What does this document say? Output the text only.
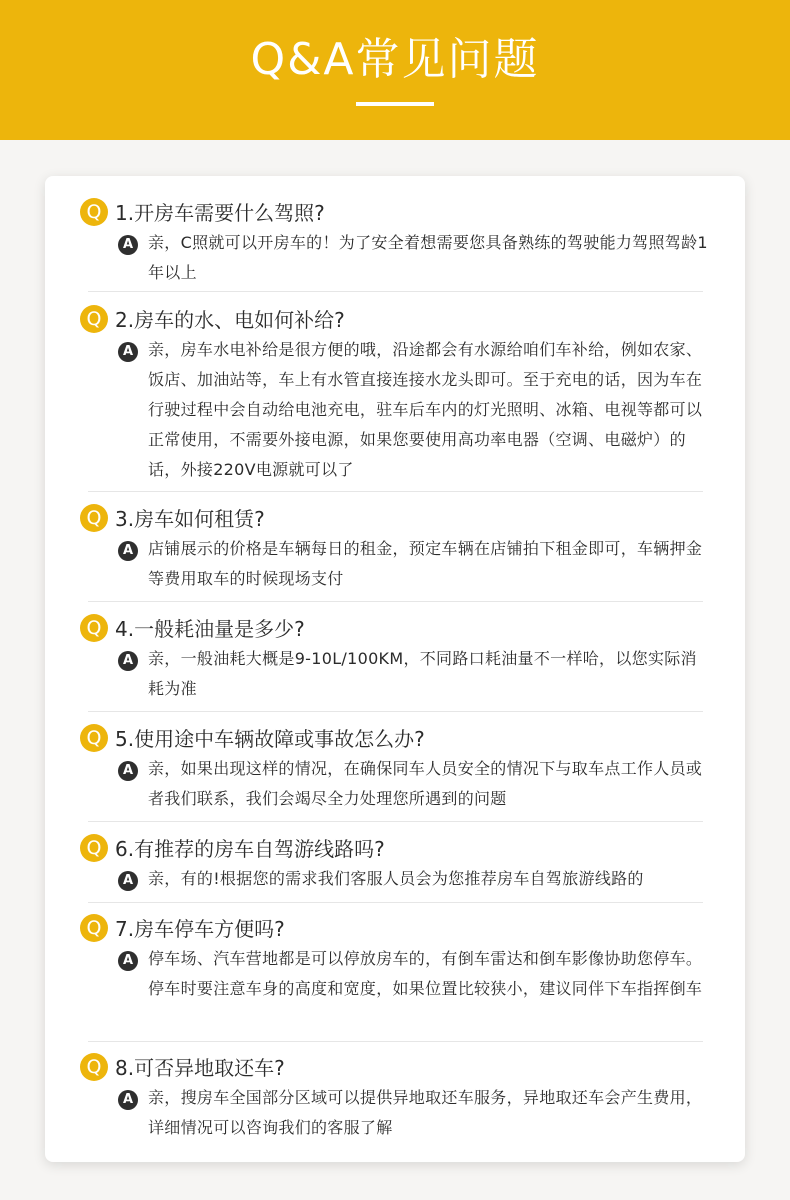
Q&A常见问题
Q 1.开房车需要什么驾照?
A 亲，C照就可以开房车的！为了安全着想需要您具备熟练的驾驶能力驾照驾龄1年以上
Q 2.房车的水、电如何补给?
A 亲，房车水电补给是很方便的哦，沿途都会有水源给咱们车补给，例如农家、饭店、加油站等，车上有水管直接连接水龙头即可。至于充电的话，因为车在行驶过程中会自动给电池充电，驻车后车内的灯光照明、冰箱、电视等都可以正常使用，不需要外接电源，如果您要使用高功率电器（空调、电磁炉）的话，外接220V电源就可以了
Q 3.房车如何租赁?
A 店铺展示的价格是车辆每日的租金，预定车辆在店铺拍下租金即可，车辆押金等费用取车的时候现场支付
Q 4.一般耗油量是多少?
A 亲，一般油耗大概是9-10L/100KM，不同路口耗油量不一样哈，以您实际消耗为准
Q 5.使用途中车辆故障或事故怎么办?
A 亲，如果出现这样的情况，在确保同车人员安全的情况下与取车点工作人员或者我们联系，我们会竭尽全力处理您所遇到的问题
Q 6.有推荐的房车自驾游线路吗?
A 亲，有的!根据您的需求我们客服人员会为您推荐房车自驾旅游线路的
Q 7.房车停车方便吗?
A 停车场、汽车营地都是可以停放房车的，有倒车雷达和倒车影像协助您停车。停车时要注意车身的高度和宽度，如果位置比较狭小，建议同伴下车指挥倒车
Q 8.可否异地取还车?
A 亲，搜房车全国部分区域可以提供异地取还车服务，异地取还车会产生费用，详细情况可以咨询我们的客服了解
